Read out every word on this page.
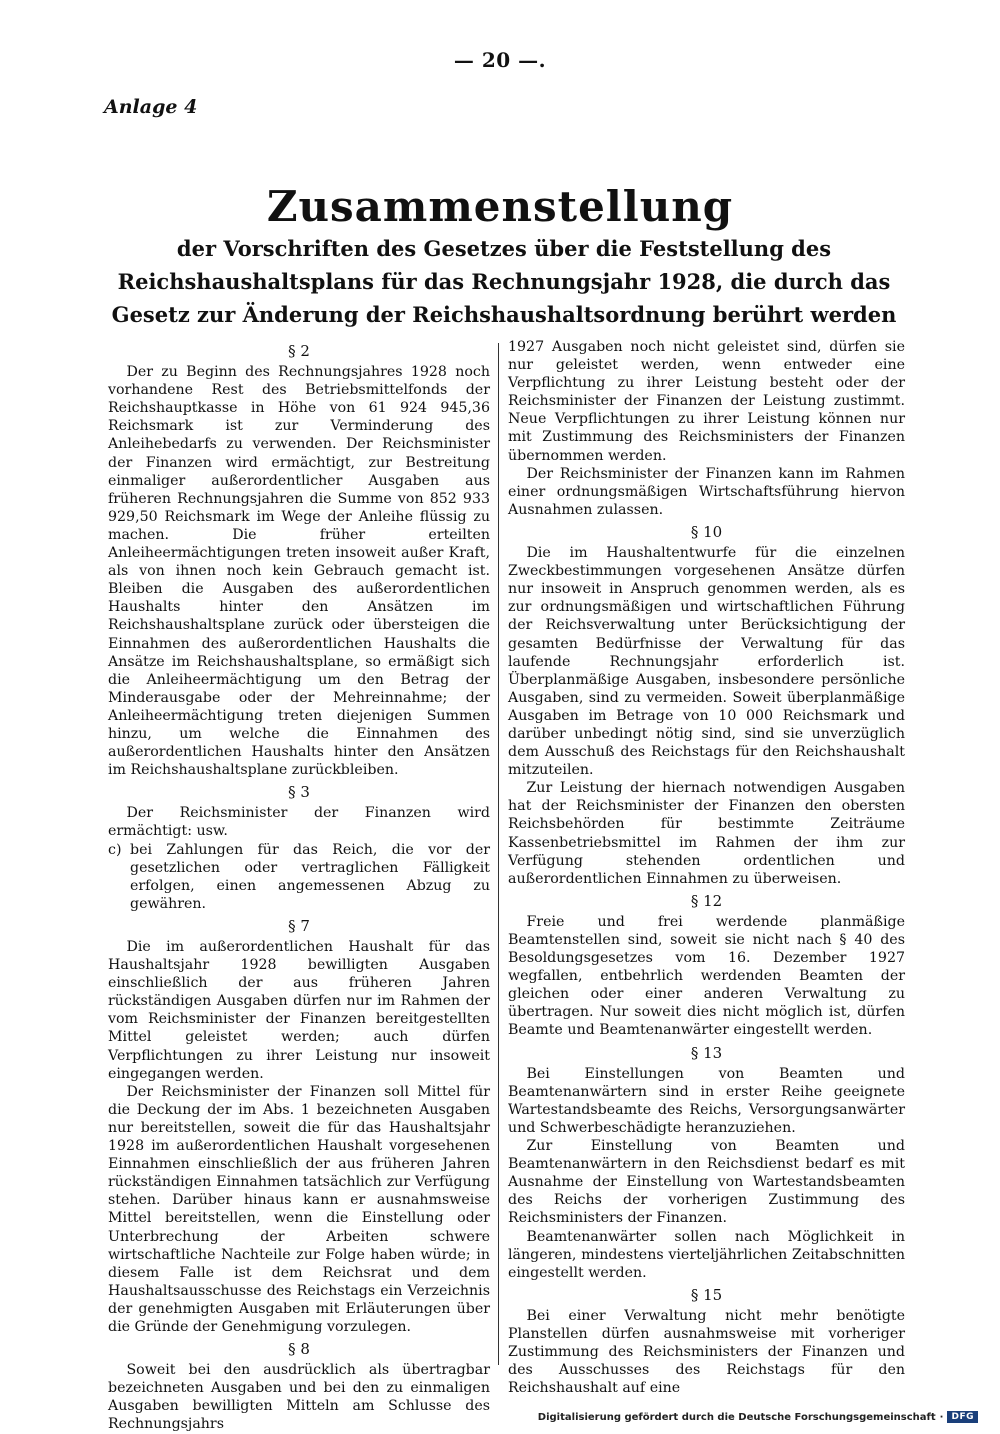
— 20 —.
Anlage 4
Zusammenstellung
der Vorschriften des Gesetzes über die Feststellung des Reichshaushaltsplans für das Rechnungsjahr 1928, die durch das Gesetz zur Änderung der Reichshaushaltsordnung berührt werden
§ 2

Der zu Beginn des Rechnungsjahres 1928 noch vorhandene Rest des Betriebsmittelfonds der Reichshauptkasse in Höhe von 61 924 945,36 Reichsmark ist zur Verminderung des Anleihebedarfs zu verwenden. Der Reichsminister der Finanzen wird ermächtigt, zur Bestreitung einmaliger außerordentlicher Ausgaben aus früheren Rechnungsjahren die Summe von 852 933 929,50 Reichsmark im Wege der Anleihe flüssig zu machen. Die früher erteilten Anleiheermächtigungen treten insoweit außer Kraft, als von ihnen noch kein Gebrauch gemacht ist. Bleiben die Ausgaben des außerordentlichen Haushalts hinter den Ansätzen im Reichshaushaltsplane zurück oder übersteigen die Einnahmen des außerordentlichen Haushalts die Ansätze im Reichshaushaltsplane, so ermäßigt sich die Anleiheermächtigung um den Betrag der Minderausgabe oder der Mehreinnahme; der Anleiheermächtigung treten diejenigen Summen hinzu, um welche die Einnahmen des außerordentlichen Haushalts hinter den Ansätzen im Reichshaushaltsplane zurückbleiben.

§ 3

Der Reichsminister der Finanzen wird ermächtigt: usw.

c) bei Zahlungen für das Reich, die vor der gesetzlichen oder vertraglichen Fälligkeit erfolgen, einen angemessenen Abzug zu gewähren.

§ 7

Die im außerordentlichen Haushalt für das Haushaltsjahr 1928 bewilligten Ausgaben einschließlich der aus früheren Jahren rückständigen Ausgaben dürfen nur im Rahmen der vom Reichsminister der Finanzen bereitgestellten Mittel geleistet werden; auch dürfen Verpflichtungen zu ihrer Leistung nur insoweit eingegangen werden.

Der Reichsminister der Finanzen soll Mittel für die Deckung der im Abs. 1 bezeichneten Ausgaben nur bereitstellen, soweit die für das Haushaltsjahr 1928 im außerordentlichen Haushalt vorgesehenen Einnahmen einschließlich der aus früheren Jahren rückständigen Einnahmen tatsächlich zur Verfügung stehen. Darüber hinaus kann er ausnahmsweise Mittel bereitstellen, wenn die Einstellung oder Unterbrechung der Arbeiten schwere wirtschaftliche Nachteile zur Folge haben würde; in diesem Falle ist dem Reichsrat und dem Haushaltsausschusse des Reichstags ein Verzeichnis der genehmigten Ausgaben mit Erläuterungen über die Gründe der Genehmigung vorzulegen.

§ 8

Soweit bei den ausdrücklich als übertragbar bezeichneten Ausgaben und bei den zu einmaligen Ausgaben bewilligten Mitteln am Schlusse des Rechnungsjahrs

1927 Ausgaben noch nicht geleistet sind, dürfen sie nur geleistet werden, wenn entweder eine Verpflichtung zu ihrer Leistung besteht oder der Reichsminister der Finanzen der Leistung zustimmt. Neue Verpflichtungen zu ihrer Leistung können nur mit Zustimmung des Reichsministers der Finanzen übernommen werden.

Der Reichsminister der Finanzen kann im Rahmen einer ordnungsmäßigen Wirtschaftsführung hiervon Ausnahmen zulassen.

§ 10

Die im Haushaltentwurfe für die einzelnen Zweckbestimmungen vorgesehenen Ansätze dürfen nur insoweit in Anspruch genommen werden, als es zur ordnungsmäßigen und wirtschaftlichen Führung der Reichsverwaltung unter Berücksichtigung der gesamten Bedürfnisse der Verwaltung für das laufende Rechnungsjahr erforderlich ist. Überplanmäßige Ausgaben, insbesondere persönliche Ausgaben, sind zu vermeiden. Soweit überplanmäßige Ausgaben im Betrage von 10 000 Reichsmark und darüber unbedingt nötig sind, sind sie unverzüglich dem Ausschuß des Reichstags für den Reichshaushalt mitzuteilen.

Zur Leistung der hiernach notwendigen Ausgaben hat der Reichsminister der Finanzen den obersten Reichsbehörden für bestimmte Zeiträume Kassenbetriebsmittel im Rahmen der ihm zur Verfügung stehenden ordentlichen und außerordentlichen Einnahmen zu überweisen.

§ 12

Freie und frei werdende planmäßige Beamtenstellen sind, soweit sie nicht nach § 40 des Besoldungsgesetzes vom 16. Dezember 1927 wegfallen, entbehrlich werdenden Beamten der gleichen oder einer anderen Verwaltung zu übertragen. Nur soweit dies nicht möglich ist, dürfen Beamte und Beamtenanwärter eingestellt werden.

§ 13

Bei Einstellungen von Beamten und Beamtenanwärtern sind in erster Reihe geeignete Wartestandsbeamte des Reichs, Versorgungsanwärter und Schwerbeschädigte heranzuziehen.

Zur Einstellung von Beamten und Beamtenanwärtern in den Reichsdienst bedarf es mit Ausnahme der Einstellung von Wartestandsbeamten des Reichs der vorherigen Zustimmung des Reichsministers der Finanzen.

Beamtenanwärter sollen nach Möglichkeit in längeren, mindestens vierteljährlichen Zeitabschnitten eingestellt werden.

§ 15

Bei einer Verwaltung nicht mehr benötigte Planstellen dürfen ausnahmsweise mit vorheriger Zustimmung des Reichsministers der Finanzen und des Ausschusses des Reichstags für den Reichshaushalt auf eine

Digitalisierung gefördert durch die Deutsche Forschungsgemeinschaft · DFG
